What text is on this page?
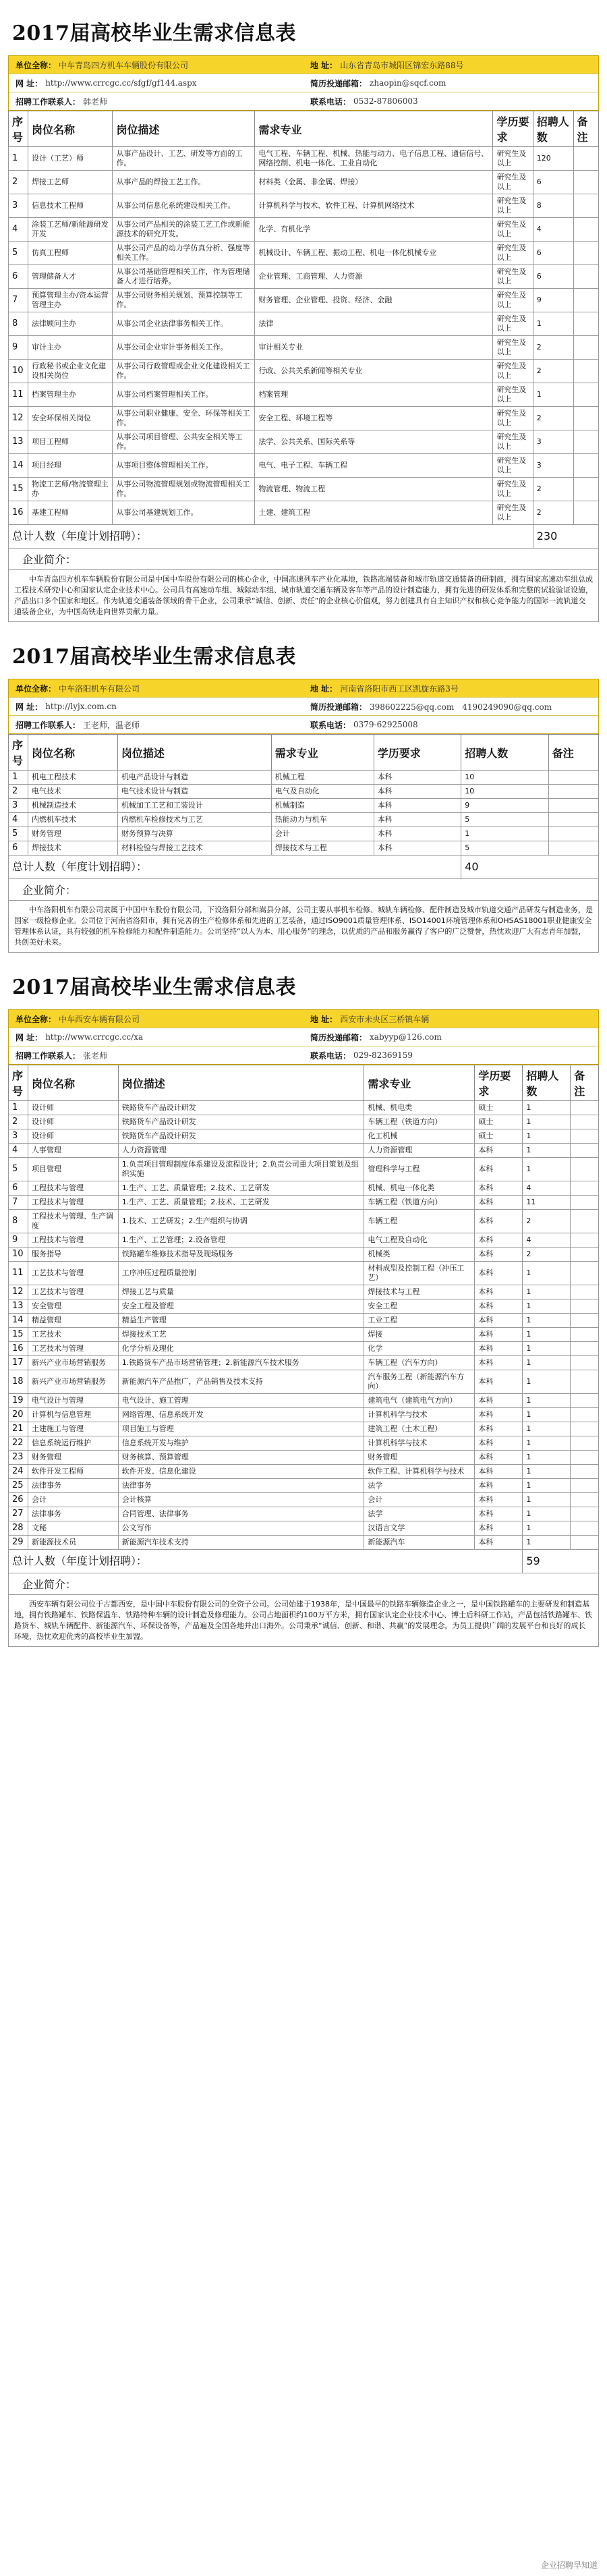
2017届高校毕业生需求信息表
单位全称： 中车青岛四方机车车辆股份有限公司	地 址： 山东省青岛市城阳区锦宏东路88号
网 址： http://www.crrcgc.cc/sfgf/gf144.aspx	简历投递邮箱： zhaopin@sqcf.com
招聘工作联系人： 韩老师	联系电话： 0532-87806003
序号	岗位名称	岗位描述	需求专业	学历要求	招聘人数	备注
1	设计（工艺）师	从事产品设计、工艺、研发等方面的工作。	电气工程、车辆工程、机械、热能与动力、电子信息工程、通信信号、网络控制、机电一体化、工业自动化	研究生及以上	120	
2	焊接工艺师	从事产品的焊接工艺工作。	材料类（金属、非金属、焊接）	研究生及以上	6	
3	信息技术工程师	从事公司信息化系统建设相关工作。	计算机科学与技术、软件工程、计算机网络技术	研究生及以上	8	
4	涂装工艺师/新能源研发开发	从事公司产品相关的涂装工艺工作或新能源技术的研究开发。	化学、有机化学	研究生及以上	4	
5	仿真工程师	从事公司产品的动力学仿真分析、强度等相关工作。	机械设计、车辆工程、振动工程、机电一体化机械专业	研究生及以上	6	
6	管理储备人才	从事公司基础管理相关工作，作为管理储备人才进行培养。	企业管理、工商管理、人力资源	研究生及以上	6	
7	预算管理主办/资本运营管理主办	从事公司财务相关规划、预算控制等工作。	财务管理、企业管理、投资、经济、金融	研究生及以上	9	
8	法律顾问主办	从事公司企业法律事务相关工作。	法律	研究生及以上	1	
9	审计主办	从事公司企业审计事务相关工作。	审计相关专业	研究生及以上	2	
10	行政秘书或企业文化建设相关岗位	从事公司行政管理或企业文化建设相关工作。	行政、公共关系新闻等相关专业	研究生及以上	2	
11	档案管理主办	从事公司档案管理相关工作。	档案管理	研究生及以上	1	
12	安全环保相关岗位	从事公司职业健康、安全、环保等相关工作。	安全工程、环境工程等	研究生及以上	2	
13	项目工程师	从事公司项目管理、公共安全相关等工作。	法学、公共关系、国际关系等	研究生及以上	3	
14	项目经理	从事项目整体管理相关工作。	电气、电子工程、车辆工程	研究生及以上	3	
15	物流工艺师/物流管理主办	从事公司物流管理规划或物流管理相关工作。	物流管理、物流工程	研究生及以上	2	
16	基建工程师	从事公司基建规划工作。	土建、建筑工程	研究生及以上	2	
总计人数（年度计划招聘）：					230	
企业简介：
中车青岛四方机车车辆股份有限公司是中国中车股份有限公司的核心企业，中国高速列车产业化基地，铁路高端装备和城市轨道交通装备的研制商，拥有国家高速动车组总成工程技术研究中心和国家认定企业技术中心。公司具有高速动车组、城际动车组、城市轨道交通车辆及客车等产品的设计制造能力，拥有先进的研发体系和完整的试验验证设施，产品出口多个国家和地区。作为轨道交通装备领域的骨干企业，公司秉承“诚信、创新、责任”的企业核心价值观，努力创建具有自主知识产权和核心竞争能力的国际一流轨道交通装备企业，为中国高铁走向世界贡献力量。
2017届高校毕业生需求信息表
单位全称： 中车洛阳机车有限公司	地 址： 河南省洛阳市西工区凯旋东路3号
网 址： http://lyjx.com.cn	简历投递邮箱： 398602225@qq.com　4190249090@qq.com
招聘工作联系人： 王老师，温老师	联系电话： 0379-62925008
序号	岗位名称	岗位描述	需求专业	学历要求	招聘人数	备注
1	机电工程技术	机电产品设计与制造	机械工程	本科	10	
2	电气技术	电气技术设计与制造	电气及自动化	本科	10	
3	机械制造技术	机械加工工艺和工装设计	机械制造	本科	9	
4	内燃机车技术	内燃机车检修技术与工艺	热能动力与机车	本科	5	
5	财务管理	财务预算与决算	会计	本科	1	
6	焊接技术	材料检验与焊接工艺技术	焊接技术与工程	本科	5	
总计人数（年度计划招聘）：					40	
企业简介：
中车洛阳机车有限公司隶属于中国中车股份有限公司，下设洛阳分部和嵩县分部，公司主要从事机车检修、城轨车辆检修、配件制造及城市轨道交通产品研发与制造业务，是国家一级检修企业。公司位于河南省洛阳市，拥有完善的生产检修体系和先进的工艺装备，通过ISO9001质量管理体系、ISO14001环境管理体系和OHSAS18001职业健康安全管理体系认证，具有较强的机车检修能力和配件制造能力。公司坚持“以人为本、用心服务”的理念，以优质的产品和服务赢得了客户的广泛赞誉，热忱欢迎广大有志青年加盟，共创美好未来。
2017届高校毕业生需求信息表
单位全称： 中车西安车辆有限公司	地 址： 西安市未央区三桥镇车辆
网 址： http://www.crrcgc.cc/xa	简历投递邮箱： xabyyp@126.com
招聘工作联系人： 张老师	联系电话： 029-82369159
序号	岗位名称	岗位描述	需求专业	学历要求	招聘人数	备注
1	设计师	铁路货车产品设计研发	机械、机电类	硕士	1	
2	设计师	铁路货车产品设计研发	车辆工程（铁道方向）	硕士	1	
3	设计师	铁路货车产品设计研发	化工机械	硕士	1	
4	人事管理	人力资源管理	人力资源管理	本科	1	
5	项目管理	1.负责项目管理制度体系建设及流程设计；2.负责公司重大项目策划及组织实施	管理科学与工程	本科	1	
6	工程技术与管理	1.生产、工艺、质量管理；2.技术、工艺研发	机械、机电一体化类	本科	4	
7	工程技术与管理	1.生产、工艺、质量管理；2.技术、工艺研发	车辆工程（铁道方向）	本科	11	
8	工程技术与管理、生产调度	1.技术、工艺研发；2.生产组织与协调	车辆工程	本科	2	
9	工程技术与管理	1.生产、工艺管理；2.设备管理	电气工程及自动化	本科	4	
10	服务指导	铁路罐车维修技术指导及现场服务	机械类	本科	2	
11	工艺技术与管理	工序冲压过程质量控制	材料成型及控制工程（冲压工艺）	本科	1	
12	工艺技术与管理	焊接工艺与质量	焊接技术与工程	本科	1	
13	安全管理	安全工程及管理	安全工程	本科	1	
14	精益管理	精益生产管理	工业工程	本科	1	
15	工艺技术	焊接技术工艺	焊接	本科	1	
16	工艺技术与管理	化学分析及理化	化学	本科	1	
17	新兴产业市场营销服务	1.铁路货车产品市场营销管理；2.新能源汽车技术服务	车辆工程（汽车方向）	本科	1	
18	新兴产业市场营销服务	新能源汽车产品推广，产品销售及技术支持	汽车服务工程（新能源汽车方向）	本科	1	
19	电气设计与管理	电气设计、施工管理	建筑电气（建筑电气方向）	本科	1	
20	计算机与信息管理	网络管理、信息系统开发	计算机科学与技术	本科	1	
21	土建施工与管理	项目施工与管理	建筑工程（土木工程）	本科	1	
22	信息系统运行维护	信息系统开发与维护	计算机科学与技术	本科	1	
23	财务管理	财务核算、预算管理	财务管理	本科	1	
24	软件开发工程师	软件开发、信息化建设	软件工程、计算机科学与技术	本科	1	
25	法律事务	法律事务	法学	本科	1	
26	会计	会计核算	会计	本科	1	
27	法律事务	合同管理、法律事务	法学	本科	1	
28	文秘	公文写作	汉语言文学	本科	1	
29	新能源技术员	新能源汽车技术支持	新能源汽车	本科	1	
总计人数（年度计划招聘）：					59	
企业简介：
西安车辆有限公司位于古都西安，是中国中车股份有限公司的全资子公司。公司始建于1938年，是中国最早的铁路车辆修造企业之一，是中国铁路罐车的主要研发和制造基地，拥有铁路罐车、铁路保温车、铁路特种车辆的设计制造及修理能力。公司占地面积约100万平方米，拥有国家认定企业技术中心、博士后科研工作站，产品包括铁路罐车、铁路货车、城轨车辆配件、新能源汽车、环保设备等，产品遍及全国各地并出口海外。公司秉承“诚信、创新、和谐、共赢”的发展理念，为员工提供广阔的发展平台和良好的成长环境，热忱欢迎优秀的高校毕业生加盟。
企业招聘早知道
